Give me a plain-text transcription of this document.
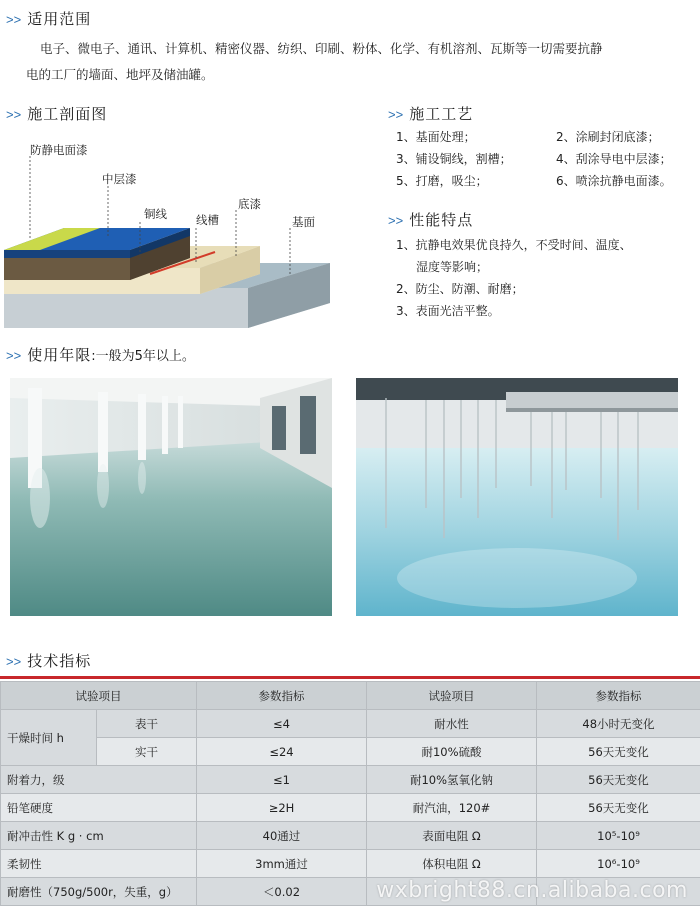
>> 适用范围
电子、微电子、通讯、计算机、精密仪器、纺织、印刷、粉体、化学、有机溶剂、瓦斯等一切需要抗静
电的工厂的墙面、地坪及储油罐。
>> 施工剖面图
防静电面漆
中层漆
铜线	线槽
底漆
基面
>> 施工工艺
1、基面处理；	2、涂刷封闭底漆；
3、铺设铜线，割槽；	4、刮涂导电中层漆；
5、打磨，吸尘；	6、喷涂抗静电面漆。
>> 性能特点
1、抗静电效果优良持久，不受时间、温度、
湿度等影响；
2、防尘、防潮、耐磨；
3、表面光洁平整。
>> 使用年限:一般为5年以上。
>> 技术指标
试验项目		参数指标	试验项目	参数指标
干燥时间 h	表干	≤4	耐水性	48小时无变化
	实干	≤24	耐10%硫酸	56天无变化
附着力，级		≤1	耐10%氢氧化钠	56天无变化
铅笔硬度		≥2H	耐汽油，120#	56天无变化
耐冲击性 K g · cm		40通过	表面电阻 Ω	10⁵-10⁹
柔韧性		3mm通过	体积电阻 Ω	10⁶-10⁹
耐磨性（750g/500r，失重，g）		＜0.02			wxbright88.cn.alibaba.com
